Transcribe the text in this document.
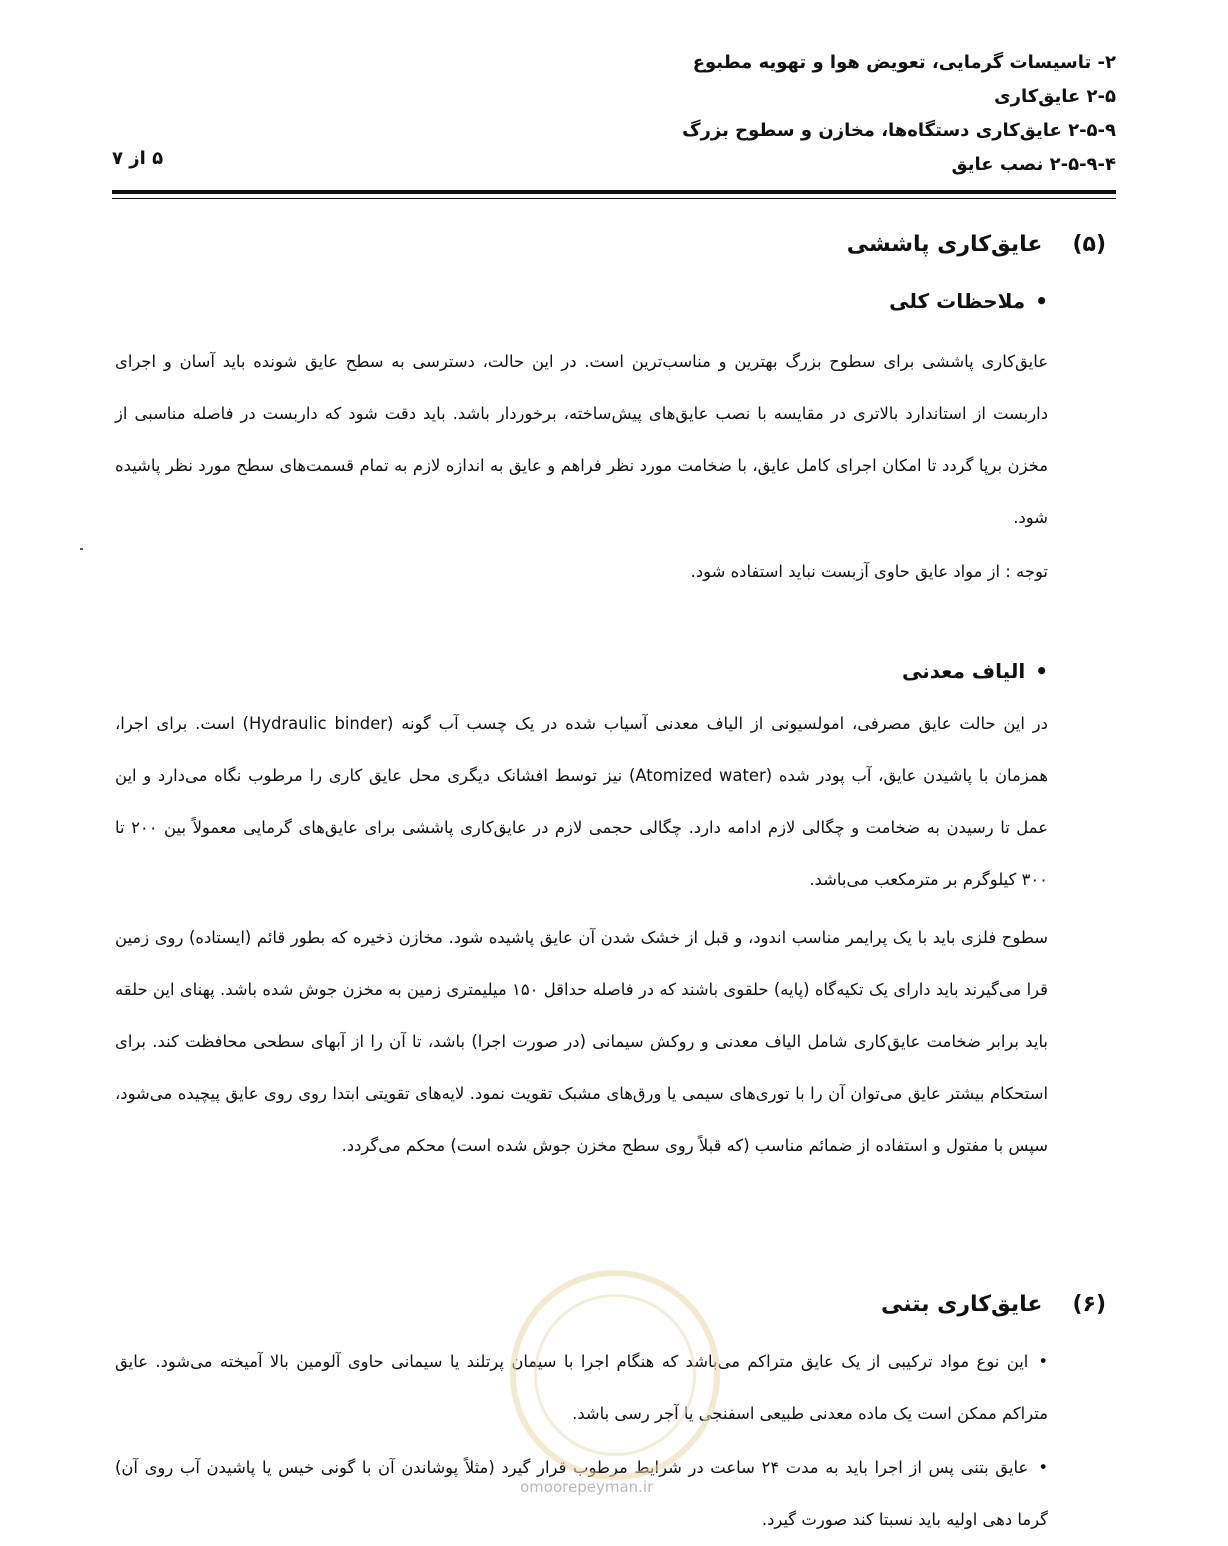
۲- تاسیسات گرمایی، تعویض هوا و تهویه مطبوع
۲-۵ عایق‌کاری
۲-۵-۹ عایق‌کاری دستگاه‌ها، مخازن و سطوح بزرگ
۲-۵-۹-۴ نصب عایق
۵ از ۷
(۵)عایق‌کاری پاششی
•ملاحظات کلی
عایق‌کاری پاششی برای سطوح بزرگ بهترین و مناسب‌ترین است. در این حالت، دسترسی به سطح عایق شونده باید آسان و اجرای داربست از استاندارد بالاتری در مقایسه با نصب عایق‌های پیش‌ساخته، برخوردار باشد. باید دقت شود که داربست در فاصله مناسبی از مخزن برپا گردد تا امکان اجرای کامل عایق، با ضخامت مورد نظر فراهم و عایق به اندازه لازم به تمام قسمت‌های سطح مورد نظر پاشیده شود.
توجه : از مواد عایق حاوی آزبست نباید استفاده شود.
•الیاف معدنی
در این حالت عایق مصرفی، امولسیونی از الیاف معدنی آسیاب شده در یک چسب آب گونه (Hydraulic binder) است. برای اجرا، همزمان با پاشیدن عایق، آب پودر شده (Atomized water) نیز توسط افشانک دیگری محل عایق کاری را مرطوب نگاه می‌دارد و این عمل تا رسیدن به ضخامت و چگالی لازم ادامه دارد. چگالی حجمی لازم در عایق‌کاری پاششی برای عایق‌های گرمایی معمولاً بین ۲۰۰ تا ۳۰۰ کیلوگرم بر مترمکعب می‌باشد.
سطوح فلزی باید با یک پرایمر مناسب اندود، و قبل از خشک شدن آن عایق پاشیده شود. مخازن ذخیره که بطور قائم (ایستاده) روی زمین قرا می‌گیرند باید دارای یک تکیه‌گاه (پایه) حلقوی باشند که در فاصله حداقل ۱۵۰ میلیمتری زمین به مخزن جوش شده باشد. پهنای این حلقه باید برابر ضخامت عایق‌کاری شامل الیاف معدنی و روکش سیمانی (در صورت اجرا) باشد، تا آن را از آبهای سطحی محافظت کند. برای استحکام بیشتر عایق می‌توان آن را با توری‌های سیمی یا ورق‌های مشبک تقویت نمود. لایه‌های تقویتی ابتدا روی روی عایق پیچیده می‌شود، سپس با مفتول و استفاده از ضمائم مناسب (که قبلاً روی سطح مخزن جوش شده است) محکم می‌گردد.
(۶)عایق‌کاری بتنی
•این نوع مواد ترکیبی از یک عایق متراکم می‌باشد که هنگام اجرا با سیمان پرتلند یا سیمانی حاوی آلومین بالا آمیخته می‌شود. عایق متراکم ممکن است یک ماده معدنی طبیعی اسفنجی یا آجر رسی باشد.
•عایق بتنی پس از اجرا باید به مدت ۲۴ ساعت در شرایط مرطوب قرار گیرد (مثلاً پوشاندن آن با گونی خیس یا پاشیدن آب روی آن) گرما دهی اولیه باید نسبتا کند صورت گیرد.
omoorepeyman.ir
